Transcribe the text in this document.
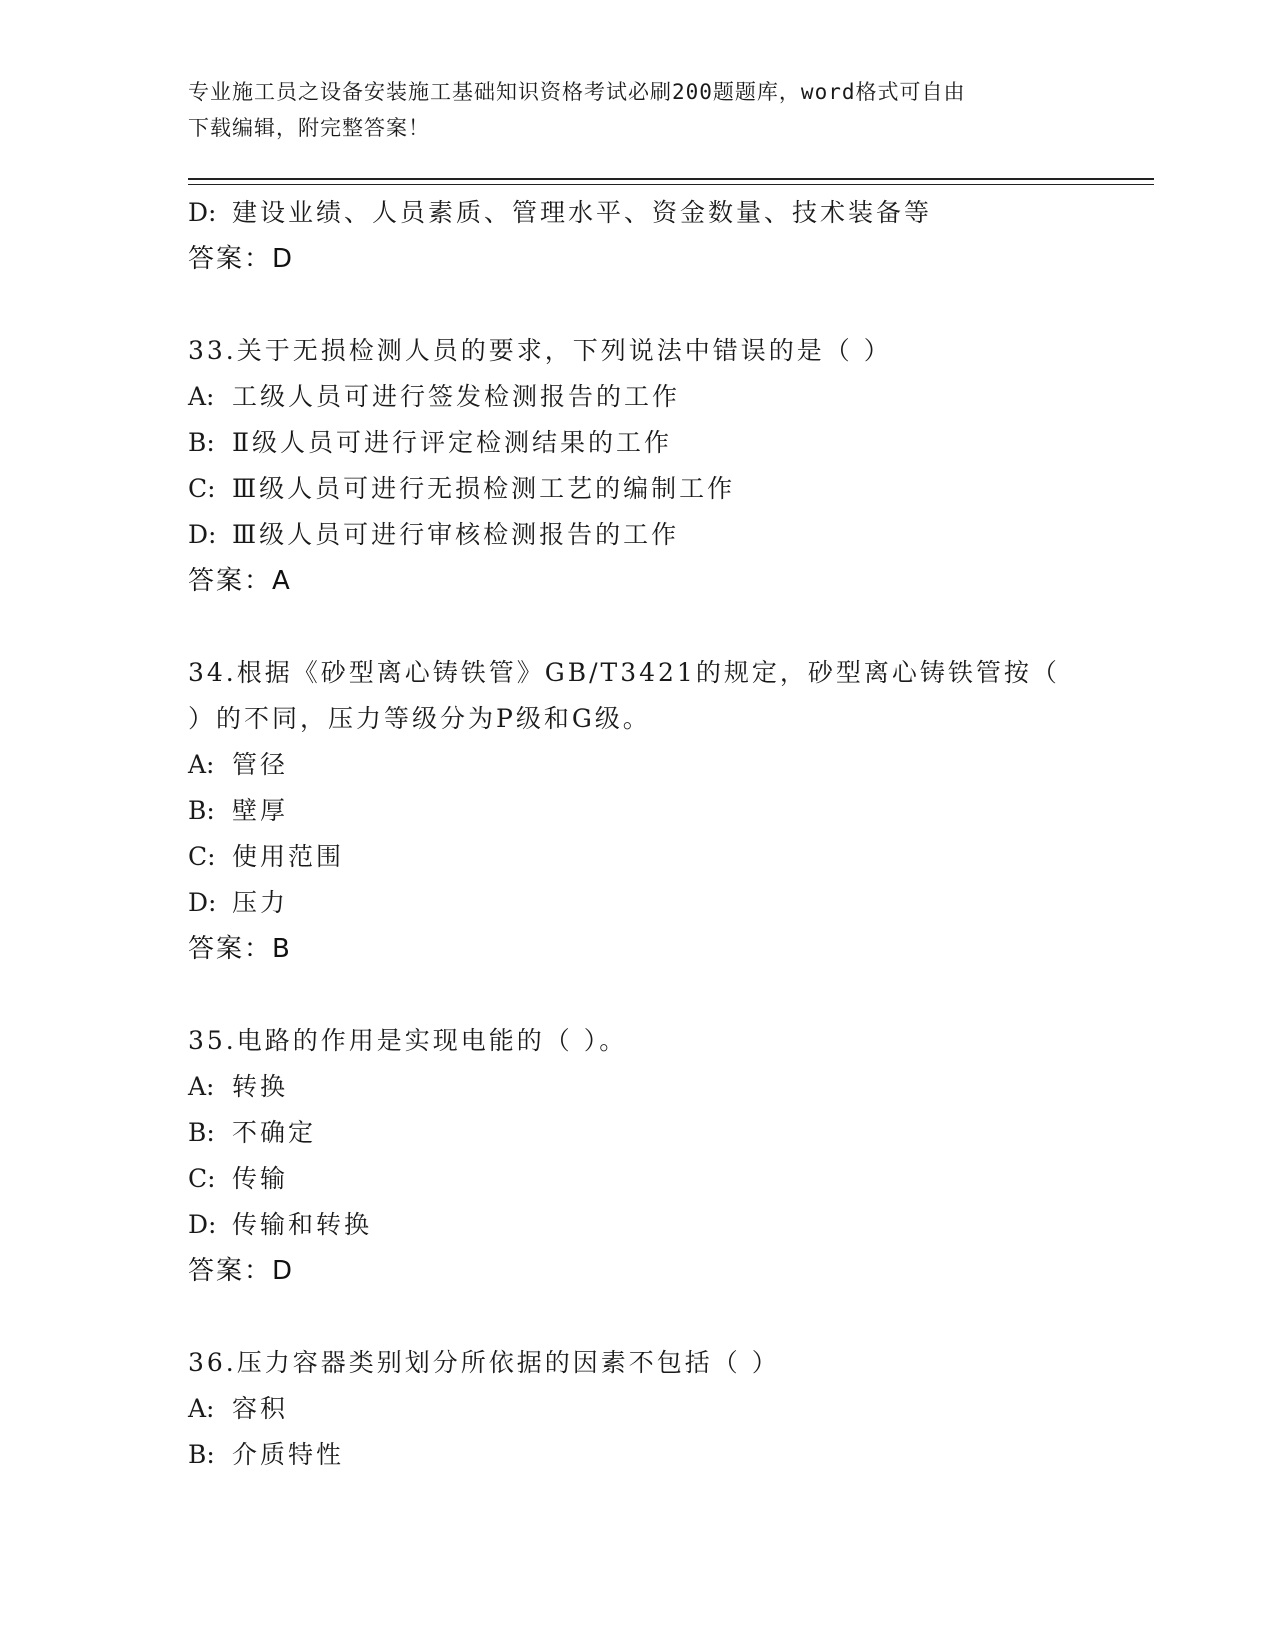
专业施工员之设备安装施工基础知识资格考试必刷200题题库，word格式可自由
下载编辑，附完整答案！
D: 建设业绩、人员素质、管理水平、资金数量、技术装备等
答案：D
33.关于无损检测人员的要求，下列说法中错误的是（ ）
A: 工级人员可进行签发检测报告的工作
B: Ⅱ级人员可进行评定检测结果的工作
C: Ⅲ级人员可进行无损检测工艺的编制工作
D: Ⅲ级人员可进行审核检测报告的工作
答案：A
34.根据《砂型离心铸铁管》GB/T3421的规定，砂型离心铸铁管按（
）的不同，压力等级分为P级和G级。
A: 管径
B: 壁厚
C: 使用范围
D: 压力
答案：B
35.电路的作用是实现电能的（ ）。
A: 转换
B: 不确定
C: 传输
D: 传输和转换
答案：D
36.压力容器类别划分所依据的因素不包括（ ）
A: 容积
B: 介质特性
